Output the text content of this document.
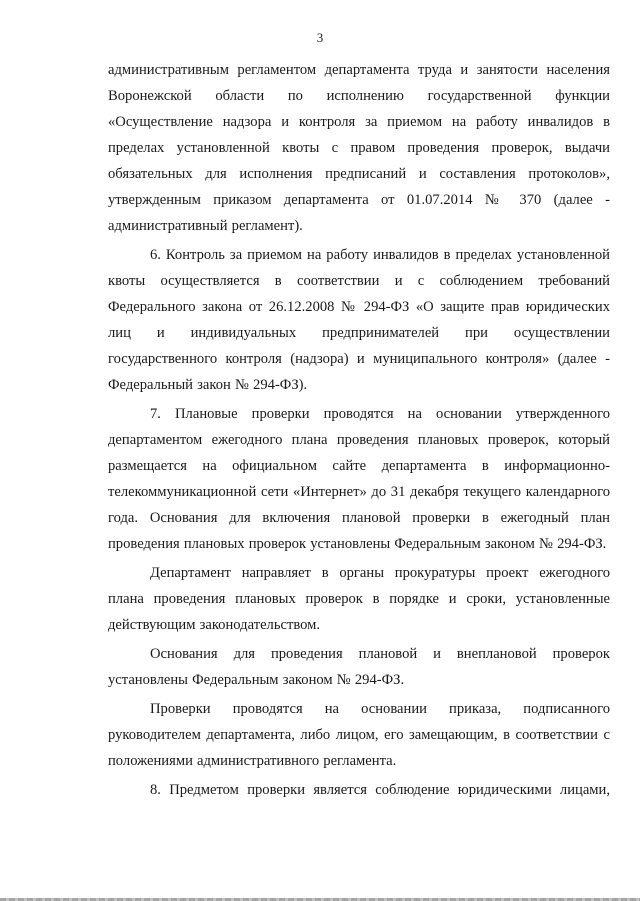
3

административным регламентом департамента труда и занятости населения Воронежской области по исполнению государственной функции «Осуществление надзора и контроля за приемом на работу инвалидов в пределах установленной квоты с правом проведения проверок, выдачи обязательных для исполнения предписаний и составления протоколов», утвержденным приказом департамента от 01.07.2014 № 370 (далее - административный регламент).

6. Контроль за приемом на работу инвалидов в пределах установленной квоты осуществляется в соответствии и с соблюдением требований Федерального закона от 26.12.2008 № 294-ФЗ «О защите прав юридических лиц и индивидуальных предпринимателей при осуществлении государственного контроля (надзора) и муниципального контроля» (далее - Федеральный закон № 294-ФЗ).

7. Плановые проверки проводятся на основании утвержденного департаментом ежегодного плана проведения плановых проверок, который размещается на официальном сайте департамента в информационно-телекоммуникационной сети «Интернет» до 31 декабря текущего календарного года. Основания для включения плановой проверки в ежегодный план проведения плановых проверок установлены Федеральным законом № 294-ФЗ.

Департамент направляет в органы прокуратуры проект ежегодного плана проведения плановых проверок в порядке и сроки, установленные действующим законодательством.

Основания для проведения плановой и внеплановой проверок установлены Федеральным законом № 294-ФЗ.

Проверки проводятся на основании приказа, подписанного руководителем департамента, либо лицом, его замещающим, в соответствии с положениями административного регламента.

8. Предметом проверки является соблюдение юридическими лицами,
